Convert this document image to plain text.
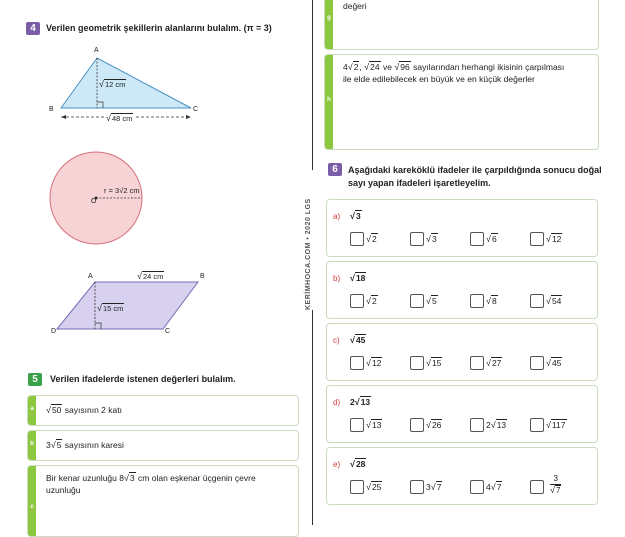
4	Verilen geometrik şekillerin alanlarını bulalım. (π = 3)
A
B	C
√12 cm
√48 cm
r = 3√2 cm
O
A	B
C
D
√24 cm
√15 cm
5	Verilen ifadelerde istenen değerleri bulalım.
a √50 sayısının 2 katı
b 3√5 sayısının karesi
c
Bir kenar uzunluğu 8√3 cm olan eşkenar üçgenin çevre
uzunluğu
KERİMHOCA.COM • 2020 LGS
g
değeri
h
4√2, √24 ve √96 sayılarından herhangi ikisinin çarpılması
ile elde edilebilecek en büyük ve en küçük değerler
6	Aşağıdaki kareköklü ifadeler ile çarpıldığında sonucu doğal
sayı yapan ifadeleri işaretleyelim.
a) √3
√2	√3	√6	√12
b) √18
√2	√5	√8	√54
c) √45
√12	√15	√27	√45
d) 2√13
√13	√26	2√13	√117
e) √28
√25	3√7	4√7	$\frac{3}{√7}$
